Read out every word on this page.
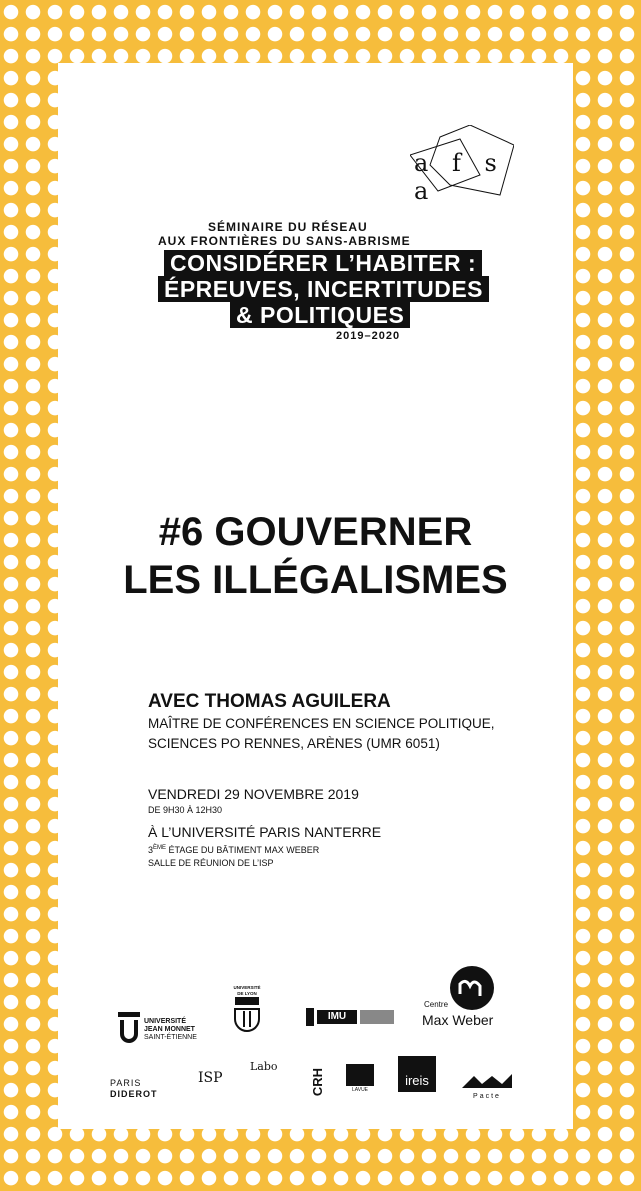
a f s a
SÉMINAIRE DU RÉSEAU
AUX FRONTIÈRES DU SANS-ABRISME
CONSIDÉRER L’HABITER :
ÉPREUVES, INCERTITUDES
& POLITIQUES
2019–2020
#6 GOUVERNER
LES ILLÉGALISMES
AVEC THOMAS AGUILERA
MAÎTRE DE CONFÉRENCES EN SCIENCE POLITIQUE,
SCIENCES PO RENNES, ARÈNES (UMR 6051)
VENDREDI 29 NOVEMBRE 2019
DE 9H30 À 12H30
À L’UNIVERSITÉ PARIS NANTERRE
3ÈME ÉTAGE DU BÂTIMENT MAX WEBER
SALLE DE RÉUNION DE L’ISP
UNIVERSITÉ
JEAN MONNET
SAINT-ÉTIENNE
UNIVERSITÉ
DE LYON
IMU
Centre
Max Weber
PARIS
DIDEROT
ISP
Labo
CRH	LAVUE
ireis
Pacte
